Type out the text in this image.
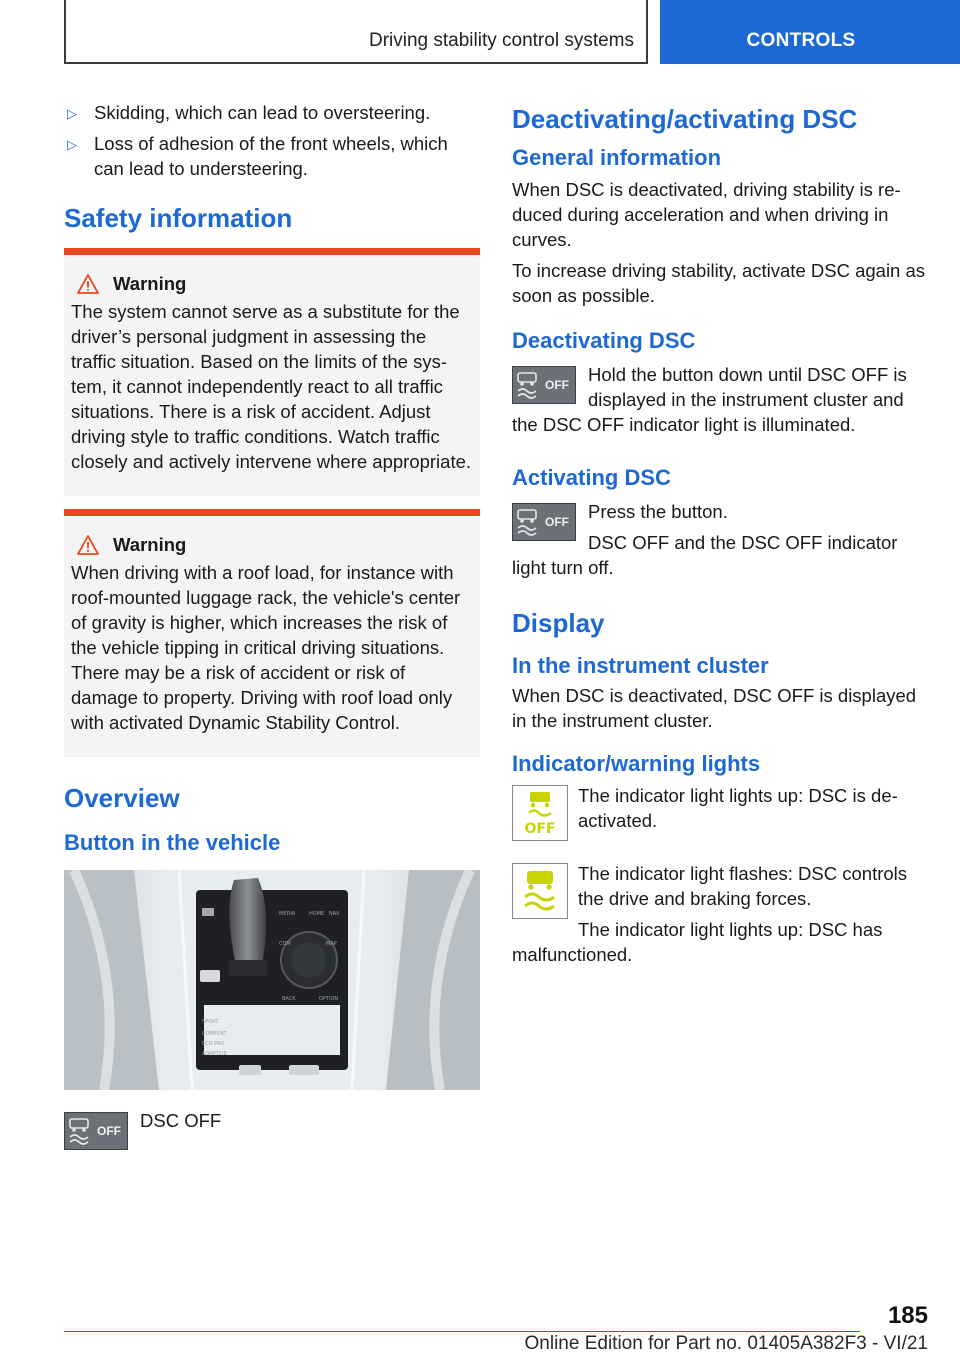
Driving stability control systems	CONTROLS
▷ Skidding, which can lead to oversteering.
▷ Loss of adhesion of the front wheels, which can lead to understeering.
Safety information
Warning

The system cannot serve as a substitute for the driver’s personal judgment in assessing the traffic situation. Based on the limits of the system, it cannot independently react to all traffic situations. There is a risk of accident. Adjust driving style to traffic conditions. Watch traffic closely and actively intervene where appropriate.

Warning

When driving with a roof load, for instance with roof-mounted luggage rack, the vehicle's center of gravity is higher, which increases the risk of the vehicle tipping in critical driving situations. There may be a risk of accident or risk of damage to property. Driving with roof load only with activated Dynamic Stability Control.

Overview
Button in the vehicle
MEDIA	HOME NAV
COM	MAP
BACK	OPTION
COMFORT
ECO PRO
ADAPTIVE
SPORT
OFF	DSC OFF

Deactivating/activating DSC
General information

When DSC is deactivated, driving stability is reduced during acceleration and when driving in curves.

To increase driving stability, activate DSC again as soon as possible.

Deactivating DSC
OFF	Hold the button down until DSC OFF is displayed in the instrument cluster and the DSC OFF indicator light is illuminated.

Activating DSC
OFF	Press the button.

DSC OFF and the DSC OFF indicator light turn off.

Display
In the instrument cluster

When DSC is deactivated, DSC OFF is displayed in the instrument cluster.

Indicator/warning lights
OFF

The indicator light lights up: DSC is deactivated.

The indicator light flashes: DSC controls the drive and braking forces.

The indicator light lights up: DSC has malfunctioned.

185
Online Edition for Part no. 01405A382F3 - VI/21
